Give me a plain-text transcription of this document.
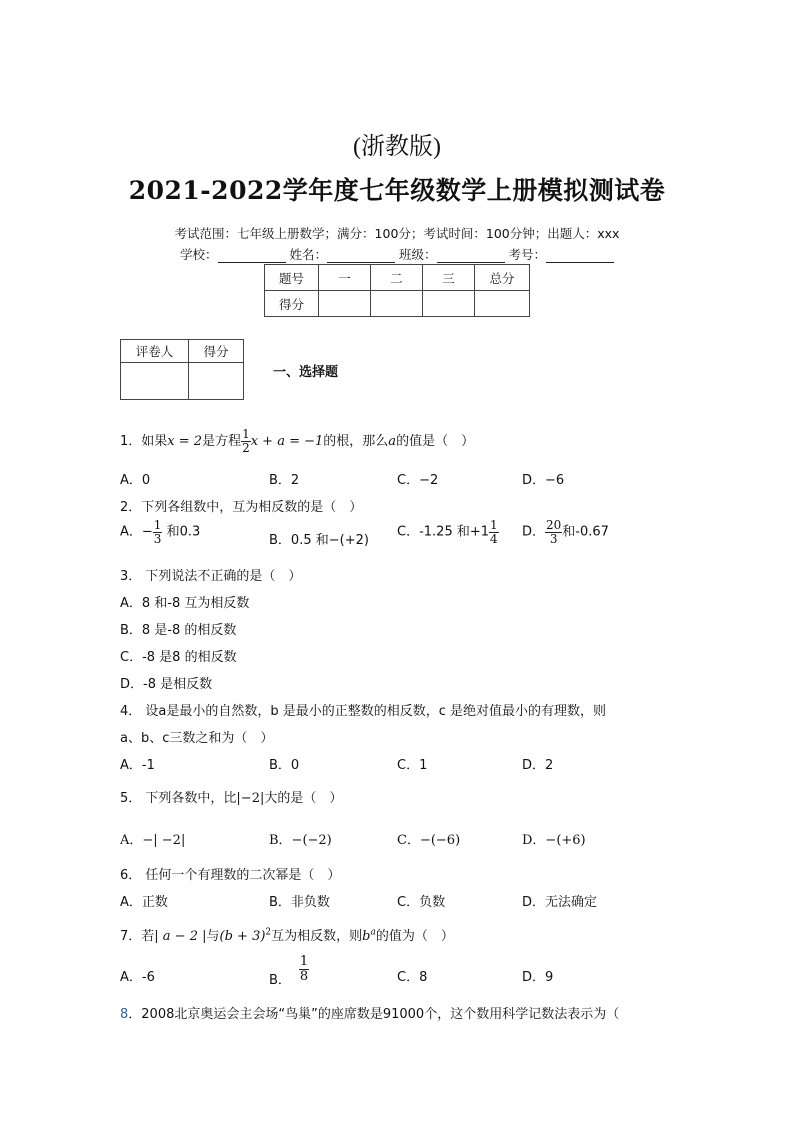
(浙教版)
2021-2022学年度七年级数学上册模拟测试卷
考试范围：七年级上册数学；满分：100分；考试时间：100分钟；出题人：xxx
学校：	姓名：	班级：	考号：
题号	一	二	三	总分
得分				
评卷人	得分

一、选择题
1．如果x = 2是方程 $\frac{1}{2}$ x + a = −1的根，那么a的值是（　）
A．0	B．2	C．−2	D．−6
2．下列各组数中，互为相反数的是（　）
A．− $\frac{1}{3}$ 和0.3
B．0.5 和−(+2)
C．-1.25 和$+1 \frac{1}{4}$ D． $\frac{20}{3}$ 和-0.67
3． 下列说法不正确的是（　）
A．8 和-8 互为相反数
B．8 是-8 的相反数
C．-8 是8 的相反数
D．-8 是相反数
4． 设a是最小的自然数，b 是最小的正整数的相反数，c 是绝对值最小的有理数，则
a、b、c三数之和为（　）
A．-1	B．0	C．1	D．2
5． 下列各数中，比|−2|大的是（　）
A．−| −2|	B．−(−2)	C．−(−6)	D．−(+6)
6． 任何一个有理数的二次幂是（　）
A．正数	B．非负数	C．负数	D．无法确定
7．若| a − 2 |与$(b + 3)^2$互为相反数，则$b^a$的值为（　）
A．-6	B． $\frac{1}{8}$	C．8	D．9
8．2008北京奥运会主会场“鸟巢”的座席数是91000个，这个数用科学记数法表示为（
